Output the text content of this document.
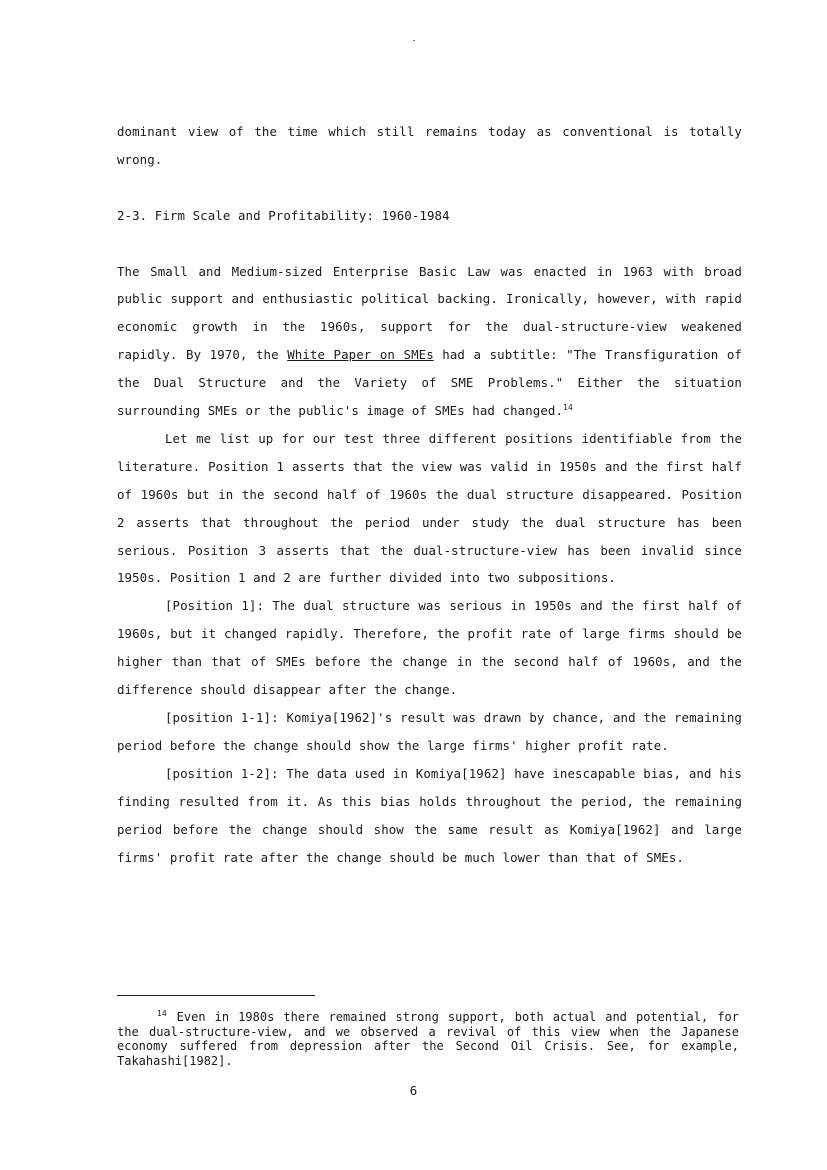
dominant view of the time which still remains today as conventional is totally wrong.

2-3. Firm Scale and Profitability: 1960-1984

The Small and Medium-sized Enterprise Basic Law was enacted in 1963 with broad public support and enthusiastic political backing. Ironically, however, with rapid economic growth in the 1960s, support for the dual-structure-view weakened rapidly. By 1970, the White Paper on SMEs had a subtitle: "The Transfiguration of the Dual Structure and the Variety of SME Problems." Either the situation surrounding SMEs or the public's image of SMEs had changed.$^{14}$

Let me list up for our test three different positions identifiable from the literature. Position 1 asserts that the view was valid in 1950s and the first half of 1960s but in the second half of 1960s the dual structure disappeared. Position 2 asserts that throughout the period under study the dual structure has been serious. Position 3 asserts that the dual-structure-view has been invalid since 1950s. Position 1 and 2 are further divided into two subpositions.

[Position 1]: The dual structure was serious in 1950s and the first half of 1960s, but it changed rapidly. Therefore, the profit rate of large firms should be higher than that of SMEs before the change in the second half of 1960s, and the difference should disappear after the change.

[position 1-1]: Komiya[1962]'s result was drawn by chance, and the remaining period before the change should show the large firms' higher profit rate.

[position 1-2]: The data used in Komiya[1962] have inescapable bias, and his finding resulted from it. As this bias holds throughout the period, the remaining period before the change should show the same result as Komiya[1962] and large firms' profit rate after the change should be much lower than that of SMEs.

$^{14}$ Even in 1980s there remained strong support, both actual and potential, for the dual-structure-view, and we observed a revival of this view when the Japanese economy suffered from depression after the Second Oil Crisis. See, for example, Takahashi[1982].

6
